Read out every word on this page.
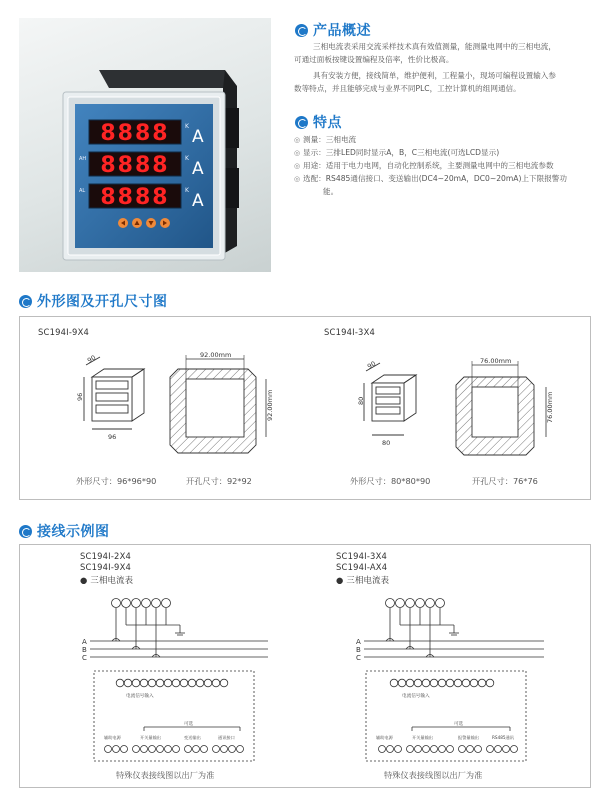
8888
8888
8888
AH
AL
K
K
K
A
A
A
产品概述
三相电流表采用交流采样技术真有效值测量，能测量电网中的三相电流，
可通过面板按键设置编程及倍率，性价比极高。
具有安装方便，接线简单，维护便利，工程量小，现场可编程设置输入参
数等特点，并且能够完成与业界不同PLC，工控计算机的组网通信。
特点
◎ 测量：三相电流
◎ 显示：三排LED同时显示A，B，C三相电流(可选LCD显示)
◎ 用途：适用于电力电网，自动化控制系统，主要测量电网中的三相电流参数
◎ 选配：RS485通信接口、变送输出(DC4~20mA，DC0~20mA)上下限报警功
能。
外形图及开孔尺寸图
SC194I-9X4	SC194I-3X4
96
90
96
92.00mm
92.00mm	80
90
80
76.00mm
76.00mm
外形尺寸：96*96*90	开孔尺寸：92*92	外形尺寸：80*80*90	开孔尺寸：76*76
接线示例图
SC194I-2X4
SC194I-9X4
● 三相电流表
SC194I-3X4
SC194I-AX4
● 三相电流表
A
B
C
A
B
C
电流信号输入	电流信号输入
可选	可选
辅助电源	开关量输出	变送输出	通讯接口	辅助电源	开关量输出	报警量输出	RS485通讯
特殊仪表接线图以出厂为准	特殊仪表接线图以出厂为准
